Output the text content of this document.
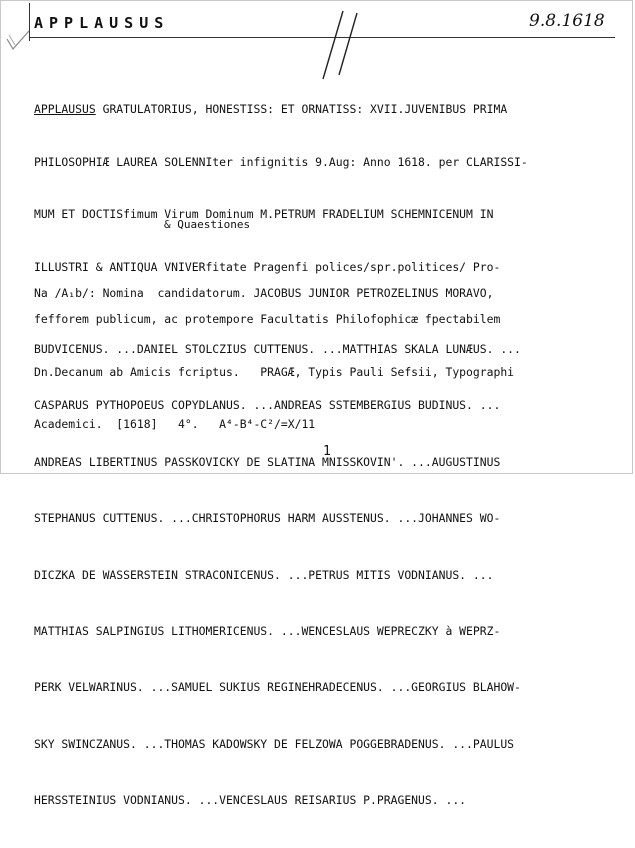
APPLAUSUS	9.8.1618

APPLAUSUS GRATULATORIUS, HONESTISS: ET ORNATISS: XVII.JUVENIBUS PRIMA

PHILOSOPHIÆ LAUREA SOLENNIter infignitis 9.Aug: Anno 1618. per CLARISSI-

MUM ET DOCTISfimum Virum Dominum M.PETRUM FRADELIUM SCHEMNICENUM IN

ILLUSTRI & ANTIQUA VNIVERfitate Pragenfi polices/spr.politices/ Pro-

fefforem publicum, ac protempore Facultatis Philofophicæ fpectabilem

Dn.Decanum ab Amicis fcriptus.   PRAGÆ, Typis Pauli Sefsii, Typographi

Academici.  [1618]   4°.   A⁴-B⁴-C²/=X/11

& Quaestiones

Na /A₁b/: Nomina  candidatorum. JACOBUS JUNIOR PETROZELINUS MORAVO,

BUDVICENUS. ...DANIEL STOLCZIUS CUTTENUS. ...MATTHIAS SKALA LUNÆUS. ...

CASPARUS PYTHOPOEUS COPYDLANUS. ...ANDREAS SSTEMBERGIUS BUDINUS. ...

ANDREAS LIBERTINUS PASSKOVICKY DE SLATINA MNISSKOVIN'. ...AUGUSTINUS

STEPHANUS CUTTENUS. ...CHRISTOPHORUS HARM AUSSTENUS. ...JOHANNES WO-

DICZKA DE WASSERSTEIN STRACONICENUS. ...PETRUS MITIS VODNIANUS. ...

MATTHIAS SALPINGIUS LITHOMERICENUS. ...WENCESLAUS WEPRECZKY à WEPRZ-

PERK VELWARINUS. ...SAMUEL SUKIUS REGINEHRADECENUS. ...GEORGIUS BLAHOW-

SKY SWINCZANUS. ...THOMAS KADOWSKY DE FELZOWA POGGEBRADENUS. ...PAULUS

HERSSTEINIUS VODNIANUS. ...VENCESLAUS REISARIUS P.PRAGENUS. ...

1
